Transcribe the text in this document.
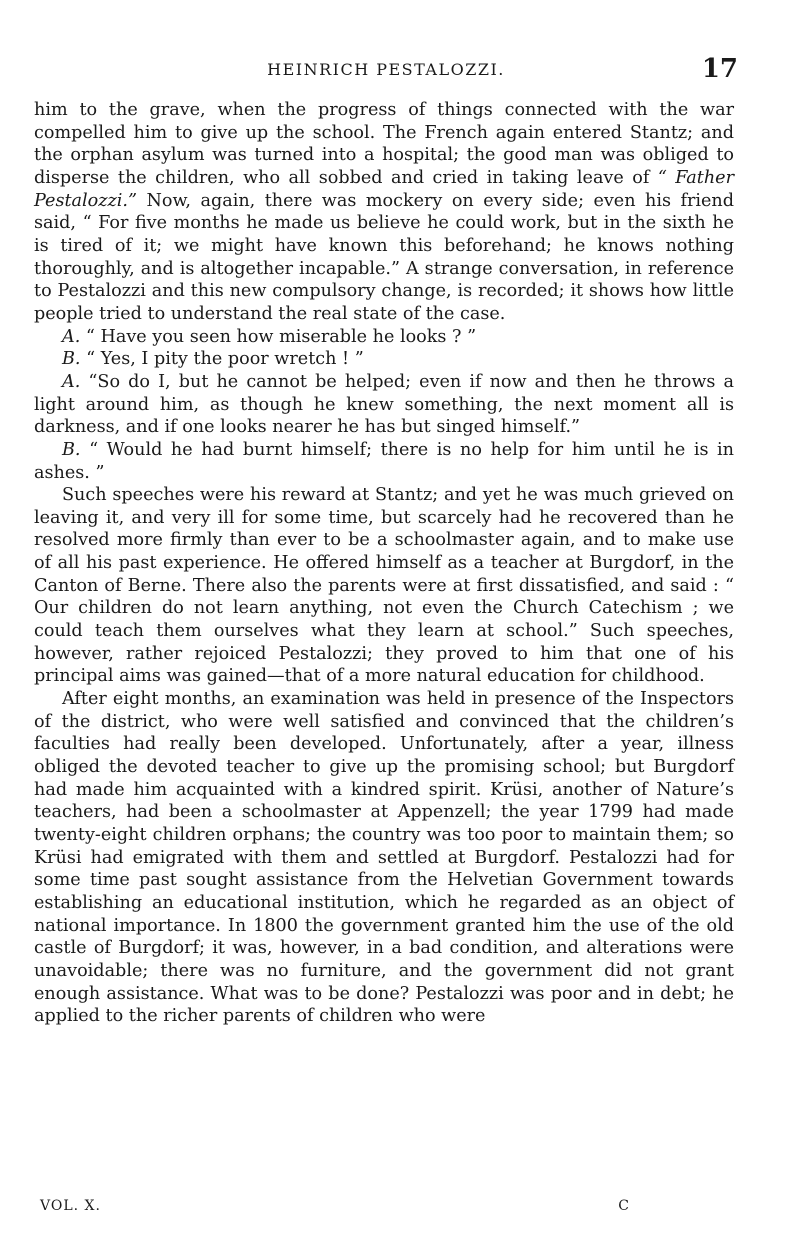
HEINRICH PESTALOZZI.	17

him to the grave, when the progress of things connected with the war compelled him to give up the school. The French again entered Stantz; and the orphan asylum was turned into a hospital; the good man was obliged to disperse the children, who all sobbed and cried in taking leave of “ Father Pestalozzi.” Now, again, there was mockery on every side; even his friend said, “ For five months he made us believe he could work, but in the sixth he is tired of it; we might have known this beforehand; he knows nothing thoroughly, and is altogether incapable.” A strange conversation, in reference to Pestalozzi and this new compulsory change, is recorded; it shows how little people tried to understand the real state of the case.

A. “ Have you seen how miserable he looks ? ”

B. “ Yes, I pity the poor wretch ! ”

A. “So do I, but he cannot be helped; even if now and then he throws a light around him, as though he knew something, the next moment all is darkness, and if one looks nearer he has but singed himself.”

B. “ Would he had burnt himself; there is no help for him until he is in ashes. ”

Such speeches were his reward at Stantz; and yet he was much grieved on leaving it, and very ill for some time, but scarcely had he recovered than he resolved more firmly than ever to be a schoolmaster again, and to make use of all his past experience. He offered himself as a teacher at Burgdorf, in the Canton of Berne. There also the parents were at first dissatisfied, and said : “ Our children do not learn anything, not even the Church Catechism ; we could teach them ourselves what they learn at school.” Such speeches, however, rather rejoiced Pestalozzi; they proved to him that one of his principal aims was gained—that of a more natural education for childhood.

After eight months, an examination was held in presence of the Inspectors of the district, who were well satisfied and convinced that the children’s faculties had really been developed. Unfortunately, after a year, illness obliged the devoted teacher to give up the promising school; but Burgdorf had made him acquainted with a kindred spirit. Krüsi, another of Nature’s teachers, had been a schoolmaster at Appenzell; the year 1799 had made twenty-eight children orphans; the country was too poor to maintain them; so Krüsi had emigrated with them and settled at Burgdorf. Pestalozzi had for some time past sought assistance from the Helvetian Government towards establishing an educational institution, which he regarded as an object of national importance. In 1800 the government granted him the use of the old castle of Burgdorf; it was, however, in a bad condition, and alterations were unavoidable; there was no furniture, and the government did not grant enough assistance. What was to be done? Pestalozzi was poor and in debt; he applied to the richer parents of children who were

VOL. X.	C
